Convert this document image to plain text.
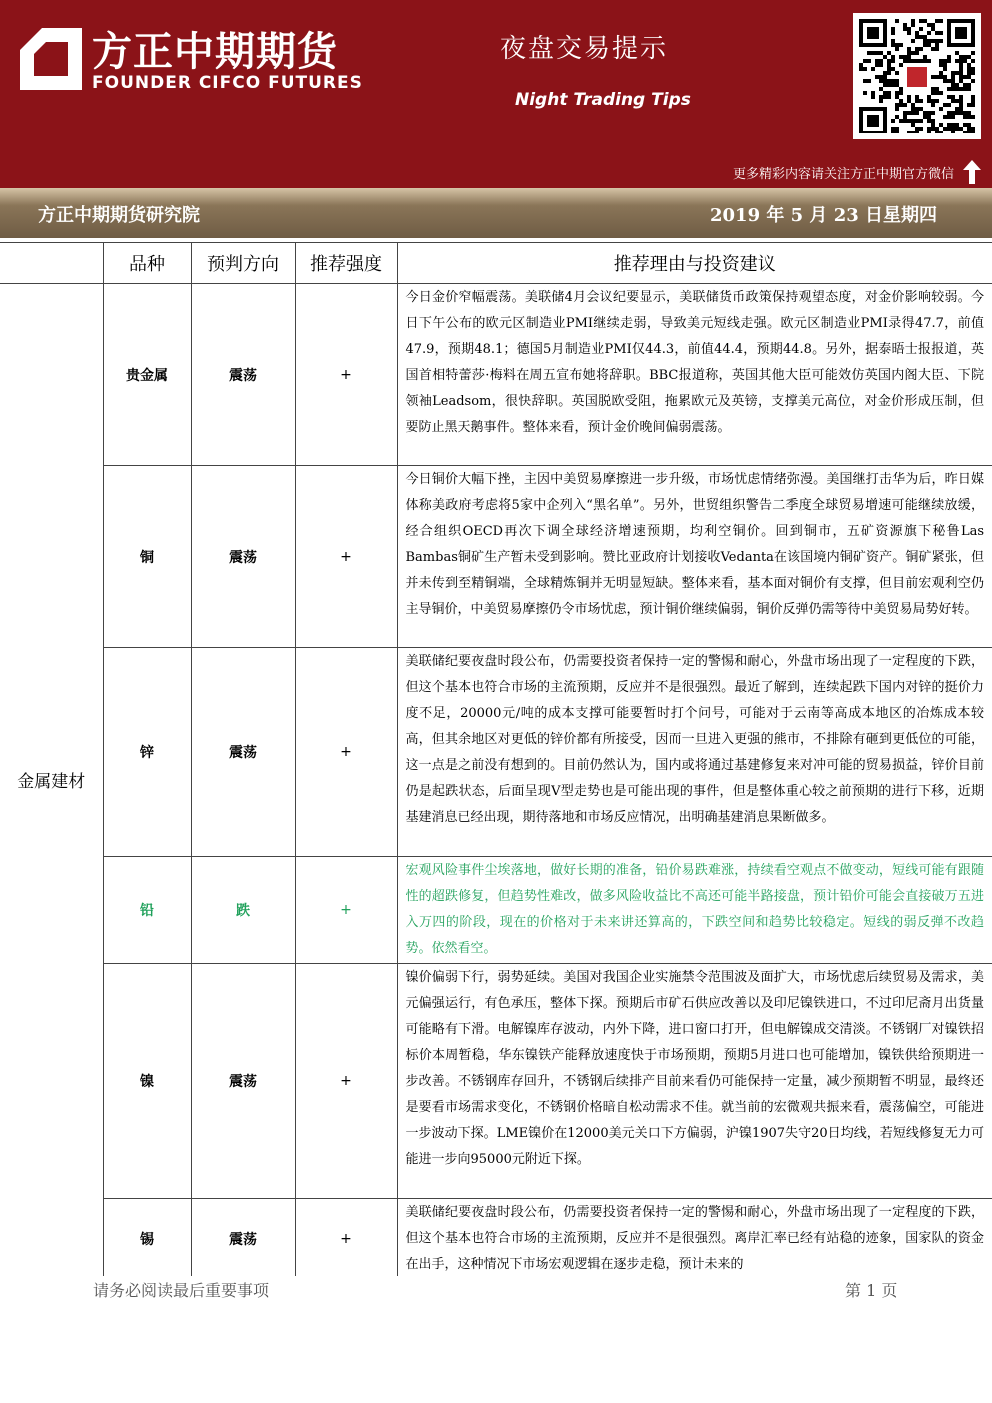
方正中期期货
FOUNDER CIFCO FUTURES
夜盘交易提示
Night Trading Tips
更多精彩内容请关注方正中期官方微信
方正中期期货研究院	2019 年 5 月 23 日星期四
	品种	预判方向	推荐强度	推荐理由与投资建议
金属建材	贵金属	震荡	+	今日金价窄幅震荡。美联储4月会议纪要显示，美联储货币政策保持观望态度，对金价影响较弱。今日下午公布的欧元区制造业PMI继续走弱，导致美元短线走强。欧元区制造业PMI录得47.7，前值47.9，预期48.1；德国5月制造业PMI仅44.3，前值44.4，预期44.8。另外，据泰晤士报报道，英国首相特蕾莎·梅料在周五宣布她将辞职。BBC报道称，英国其他大臣可能效仿英国内阁大臣、下院领袖Leadsom，很快辞职。英国脱欧受阻，拖累欧元及英镑，支撑美元高位，对金价形成压制，但要防止黑天鹅事件。整体来看，预计金价晚间偏弱震荡。
	铜	震荡	+	今日铜价大幅下挫，主因中美贸易摩擦进一步升级，市场忧虑情绪弥漫。美国继打击华为后，昨日媒体称美政府考虑将5家中企列入“黑名单”。另外，世贸组织警告二季度全球贸易增速可能继续放缓，经合组织OECD再次下调全球经济增速预期，均利空铜价。回到铜市，五矿资源旗下秘鲁Las Bambas铜矿生产暂未受到影响。赞比亚政府计划接收Vedanta在该国境内铜矿资产。铜矿紧张，但并未传到至精铜端，全球精炼铜并无明显短缺。整体来看，基本面对铜价有支撑，但目前宏观利空仍主导铜价，中美贸易摩擦仍令市场忧虑，预计铜价继续偏弱，铜价反弹仍需等待中美贸易局势好转。
	锌	震荡	+	美联储纪要夜盘时段公布，仍需要投资者保持一定的警惕和耐心，外盘市场出现了一定程度的下跌，但这个基本也符合市场的主流预期，反应并不是很强烈。最近了解到，连续起跌下国内对锌的挺价力度不足，20000元/吨的成本支撑可能要暂时打个问号，可能对于云南等高成本地区的冶炼成本较高，但其余地区对更低的锌价都有所接受，因而一旦进入更强的熊市，不排除有砸到更低位的可能，这一点是之前没有想到的。目前仍然认为，国内或将通过基建修复来对冲可能的贸易损益，锌价目前仍是起跌状态，后面呈现V型走势也是可能出现的事件，但是整体重心较之前预期的进行下移，近期基建消息已经出现，期待落地和市场反应情况，出明确基建消息果断做多。
	铅	跌	+	宏观风险事件尘埃落地，做好长期的准备，铅价易跌难涨，持续看空观点不做变动，短线可能有跟随性的超跌修复，但趋势性难改，做多风险收益比不高还可能半路接盘，预计铅价可能会直接破万五进入万四的阶段，现在的价格对于未来讲还算高的，下跌空间和趋势比较稳定。短线的弱反弹不改趋势。依然看空。
	镍	震荡	+	镍价偏弱下行，弱势延续。美国对我国企业实施禁令范围波及面扩大，市场忧虑后续贸易及需求，美元偏强运行，有色承压，整体下探。预期后市矿石供应改善以及印尼镍铁进口，不过印尼斋月出货量可能略有下滑。电解镍库存波动，内外下降，进口窗口打开，但电解镍成交清淡。不锈钢厂对镍铁招标价本周暂稳，华东镍铁产能释放速度快于市场预期，预期5月进口也可能增加，镍铁供给预期进一步改善。不锈钢库存回升，不锈钢后续排产目前来看仍可能保持一定量，减少预期暂不明显，最终还是要看市场需求变化，不锈钢价格暗自松动需求不佳。就当前的宏微观共振来看，震荡偏空，可能进一步波动下探。LME镍价在12000美元关口下方偏弱，沪镍1907失守20日均线，若短线修复无力可能进一步向95000元附近下探。
	锡	震荡	+	美联储纪要夜盘时段公布，仍需要投资者保持一定的警惕和耐心，外盘市场出现了一定程度的下跌，但这个基本也符合市场的主流预期，反应并不是很强烈。离岸汇率已经有站稳的迹象，国家队的资金在出手，这种情况下市场宏观逻辑在逐步走稳，预计未来的
请务必阅读最后重要事项	第 1 页
